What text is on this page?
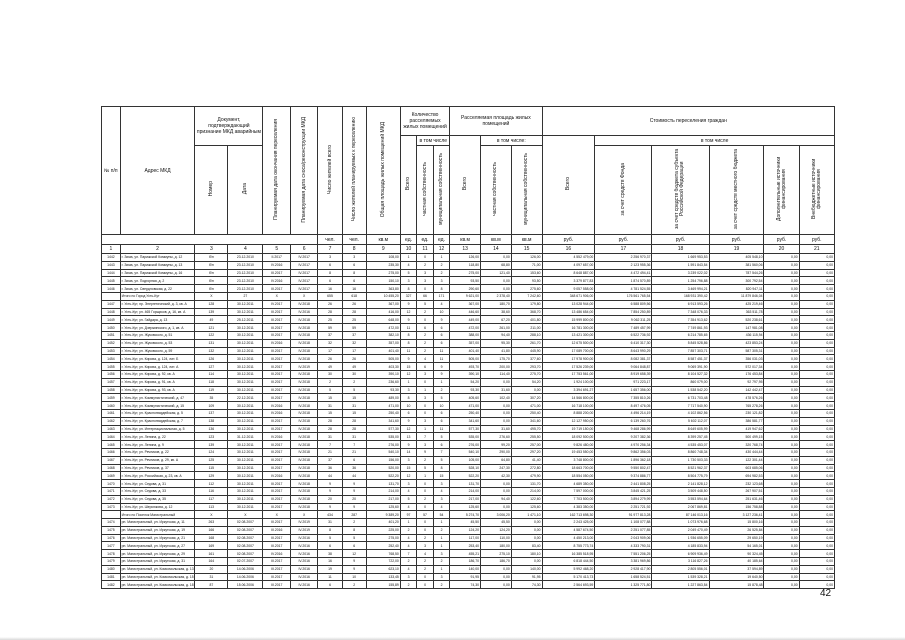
№ п/п	Адрес МКД	Документ, подтверждающий признание МКД аварийным		Планируемая дата окончания переселения	Планируемая дата сноса/реконструкции МКД	Число жителей всего	Число жителей планируемых к переселению	Общая площадь жилых помещений МКД	Количество расселяемых жилых помещений			Расселяемая площадь жилых помещений			Стоимость переселения граждан					
									Всего	в том числе		Всего	в том числе:		Всего	в том числе				
		Номер	Дата							частная собственность	муниципальная собственность		частная собственность	муниципальная собственность		за счет средств Фонда	за счет средств бюджета субъекта Российской Федерации	за счет средств местного бюджета	Дополнительные источники финансирования	Внебюджетные источники финансирования
						чел.	чел.	кв.м	ед.	ед.	ед.	кв.м	кв.м	кв.м	руб.	руб.	руб.	руб.	руб.	руб.
1	2	3	4	5	6	7	8	9	10	11	12	13	14	15	16	17	18	19	20	21
1442	г. Зима, ул. Парижской Коммуны, д. 12	б/н	23.12.2010	II.2017	IV.2017	3	3	108,00	1	0	1	126,00	0,00	126,00	4 552 479,00	2 256 970,37	1 669 953,53	405 548,10	0,00	0,00
1443	г. Зима, ул. Парижской Коммуны, д. 13	б/н	23.12.2010	IV.2016	IV.2017	6	6	235,30	4	2	2	118,80	68,80	71,00	4 097 657,00	2 123 955,36	1 591 843,54	381 560,06	0,00	0,00
1444	г. Зима, ул. Парижской Коммуны, д. 16	б/н	23.12.2010	III.2017	IV.2017	8	8	275,00	5	3	2	275,00	121,40	153,60	8 648 887,00	4 472 494,41	3 239 022,02	787 544,26	0,00	0,00
1445	г. Зима, ул. Подгорная, д. 2	б/н	23.12.2010	IV.2016	IV.2017	6	6	150,10	3	3	3	93,50	0,00	93,50	3 379 877,83	1 874 570,89	1 254 796,88	300 792,54	0,00	0,00
1446	г. Зима, ул. Свердловская, д. 22	б/н	23.12.2010	III.2017	IV.2017	16	16	363,80	8	0	8	290,60	0,00	275,60	9 057 558,00	4 781 524,55	3 469 994,21	820 947,11	0,00	0,00
	Итого по Город Усть-Кут	Х	27	Х	Х	655	618	10 455,20	327	66	171	9 621,00	2 378,40	7 242,60	348 671 906,00	176 561 765,54	168 931 390,42	11 879 846,04	0,00	0,00
1447	г. Усть-Кут, пр. Энергетический, д. 3, кв. А	128	30.12.2011	IV.2017	IV.2018	26	26	367,00	9	5	4	367,00	180,70	179,80	13 028 944,00	6 588 809,56	6 913 593,26	425 219,46	0,00	0,00
1448	г. Усть-Кут, ул. 465 Горщиков, д. 16, кв. А	139	30.12.2011	III.2017	IV.2016	28	28	416,00	12	2	10	446,60	38,60	368,70	13 486 654,00	7 854 250,89	7 348 076,33	363 511,78	0,00	0,00
1449	г. Усть-Кут, ул. Гайдара, д. 13	49	25.12.2011	III.2017	IV.2018	25	25	648,00	9	0	9	449,00	67,20	401,80	15 999 800,00	9 062 311,25	7 354 913,62	520 238,61	0,00	0,00
1450	г. Усть-Кут, ул. Дзержинского, д. 1, кв. А	121	30.12.2011	III.2017	IV.2018	59	59	472,00	11	6	6	472,00	261,00	211,00	16 781 300,00	7 489 457,99	7 749 861,93	147 981,08	0,00	0,00
1451	г. Усть-Кут, ул. Жуковского, д. 51	122	30.12.2011	III.2017	IV.2018	37	37	382,10	8	2	6	388,00	94,40	288,10	13 421 300,00	6 522 736,92	6 214 785,65	436 115,94	0,00	0,00
1452	г. Усть-Кут, ул. Жуковского, д. 53	131	30.12.2011	IV.2016	IV.2018	32	32	357,00	8	2	6	357,00	95,30	261,70	12 675 500,00	6 410 317,30	5 845 528,86	423 853,24	0,00	0,00
1453	г. Усть-Кут, ул. Жуковского, д. 59	132	30.12.2011	III.2017	IV.2018	17	17	401,40	11	2	11	401,40	41,80	445,90	17 089 700,00	8 643 990,29	7 857 303,71	587 305,31	0,00	0,00
1454	г. Усть-Кут, ул. Кирова, д. 124, лит. Б	126	30.12.2011	III.2017	IV.2018	26	26	505,00	9	4	11	505,00	175,70	377,60	17 978 900,00	8 082 381,37	8 587 451,37	356 031,03	0,00	0,00
1455	г. Усть-Кут, ул. Кирова, д. 124, лит. А	127	30.12.2011	III.2017	IV.2019	49	49	403,30	15	6	9	493,70	200,00	293,70	17 526 239,00	9 064 848,87	9 069 391,90	572 017,34	0,00	0,00
1456	г. Усть-Кут, ул. Кирова, д. 92, кв. А	114	30.12.2011	III.2017	IV.2018	30	30	390,10	12	3	9	390,10	114,40	275,70	17 753 561,00	8 919 658,39	8 104 527,32	176 453,84	0,00	0,00
1457	г. Усть-Кут, ул. Кирова, д. 91, кв. А	118	30.12.2011	III.2017	IV.2018	2	2	236,60	1	0	1	54,20	0,00	54,20	1 924 100,00	971 223,17	860 079,00	92 797,95	0,00	0,00
1458	г. Усть-Кут, ул. Кирова, д. 93, кв. А	119	30.12.2011	III.2017	IV.2018	5	5	93,30	3	1	2	93,30	31,60	0,00	3 394 691,27	1 657 356,00	1 538 542,20	142 442,47	0,00	0,00
1459	г. Усть-Кут, ул. Коммунистический, д. 47	35	22.12.2011	III.2017	IV.2018	15	15	489,00	8	3	5	405,60	102,40	307,20	14 566 800,00	7 355 810,26	6 731 703,48	478 576,26	0,00	0,00
1460	г. Усть-Кут, ул. Коммунистический, д. 15	109	30.12.2011	IV.2016	IV.2018	31	31	471,00	10	0	10	471,00	0,00	471,00	16 718 100,00	8 497 476,05	7 717 540,90	765 278,26	0,00	0,00
1461	г. Усть-Кут, ул. Красногвардейская, д. 5	137	30.12.2011	IV.2016	IV.2018	15	15	250,40	6	0	6	250,40	0,00	250,40	8 888 200,00	4 496 214,19	4 102 862,56	230 121,82	0,00	0,00
1462	г. Усть-Кут, ул. Красногвардейская, д. 7	138	30.12.2011	III.2017	IV.2018	28	28	341,60	9	3	6	341,60	0,00	341,60	12 127 950,00	6 139 260,76	5 602 112,07	386 581,77	0,00	0,00
1463	г. Усть-Кут, ул. Интернациональная, д. 5	136	30.12.2011	III.2017	IV.2018	28	28	577,30	12	1	11	577,30	31,60	495,70	19 719 150,00	9 468 286,99	8 649 605,99	419 947,62	0,00	0,00
1464	г. Усть-Кут, ул. Ленина, д. 22	123	31.12.2011	IV.2016	IV.2018	31	31	535,00	13	7	5	535,00	276,60	255,50	18 092 500,00	9 207 382,36	8 399 257,45	500 499,15	0,00	0,00
1465	г. Усть-Кут, ул. Ленина, д. 9	139	30.12.2011	III.2017	IV.2018	7	7	276,00	9	3	6	276,00	99,20	257,00	9 826 480,00	4 970 256,34	4 535 453,07	320 768,74	0,00	0,00
1466	г. Усть-Кут, ул. Речников, д. 22	124	30.12.2011	III.2017	IV.2018	21	21	540,10	14	9	7	540,10	290,00	297,20	19 453 550,00	9 862 356,03	8 860 748,34	430 444,44	0,00	0,00
1467	г. Усть-Кут, ул. Речников, д. 29, кв. А	125	30.12.2011	III.2017	IV.2018	37	6	156,00	3	2	5	105,00	64,80	41,40	3 748 800,00	1 896 362,18	1 730 503,33	122 301,44	0,00	0,00
1468	г. Усть-Кут, ул. Речников, д. 37	115	30.12.2011	III.2017	IV.2018	36	36	520,00	15	5	8	528,10	247,30	272,80	18 663 700,00	9 550 802,47	8 521 962,37	603 685,06	0,00	0,00
1469	г. Усть-Кут, ул. Российская, д. 23, кв. А	129	30.12.2011	IV.2016	IV.2018	44	44	522,20	12	1	15	522,20	42,30	479,90	18 554 050,00	9 374 886,77	8 504 775,79	694 982,53	0,00	0,00
1470	г. Усть-Кут, ул. Седова, д. 31	112	30.12.2011	III.2017	IV.2018	9	9	131,70	3	0	3	131,70	0,00	131,70	4 689 350,00	2 441 808,25	2 141 828,12	232 123,68	0,00	0,00
1471	г. Усть-Кут, ул. Седова, д. 33	116	30.12.2011	III.2017	IV.2018	9	9	214,00	4	0	4	214,00	0,00	214,00	7 597 000,00	3 845 421,25	3 509 448,50	267 907,51	0,00	0,00
1472	г. Усть-Кут, ул. Седова, д. 35	117	30.12.2011	III.2017	IV.2018	20	20	217,00	5	2	3	217,00	94,40	122,60	7 703 500,00	3 894 279,99	3 553 594,64	251 631,46	0,00	0,00
1473	г. Усть-Кут, ул. Шерсюкова, д. 12	113	30.12.2011	III.2017	IV.2018	9	9	125,60	4	0	4	125,60	0,00	125,60	4 383 350,00	2 251 721,92	2 067 869,81	156 758,88	0,00	0,00
	Итого по Поселок Магистральный	Х	Х	Х	Х	434	287	9 389,20	97	57	54	5 274,70	3 006,20	1 471,10	162 713 698,30	91 977 813,28	87 146 013,16	3 127 236,41	0,00	0,00
1474	рп. Магистральный, ул. Иркутская, д. 11	263	02.08.2007	III.2017	IV.2019	31	2	401,20	1	0	1	45,50	45,50	0,00	2 243 425,00	1 108 077,88	1 073 976,68	15 800,16	0,00	0,00
1475	рп. Магистральный, ул. Иркутская, д. 19	166	02.08.2007	III.2016	IV.2019	8	8	225,00	2	0	2	124,20	124,20	0,00	4 587 674,50	2 251 077,85	2 049 470,49	26 525,84	0,00	0,00
1476	рп. Магистральный, ул. Иркутская, д. 21	168	02.08.2007	III.2017	IV.2016	5	5	275,00	4	2	1	117,00	110,00	0,00	4 450 213,00	2 043 909,06	1 936 655,09	29 650,19	0,00	0,00
1477	рп. Магистральный, ул. Иркутская, д. 27	169	02.08.2007	III.2017	IV.2016	6	6	252,40	4	3	1	253,40	180,00	83,40	8 755 773,74	4 333 790,31	4 185 833,94	54 165,01	0,00	0,00
1478	рп. Магистральный, ул. Иркутская, д. 29	161	02.08.2007	IV.2016	IV.2016	38	12	768,50	7	4	3	455,21	275,10	180,10	16 385 518,95	7 551 206,25	6 909 936,49	90 324,45	0,00	0,00
1479	рп. Магистральный, ул. Иркутская, д. 31	164	02.07.2007	III.2017	IV.2016	16	9	722,00	2	2	2	186,70	186,70	0,00	6 818 444,50	3 381 969,86	3 116 827,26	40 185,64	0,00	0,00
1480	рп. Магистральный, ул. Комсомольская, д. 13	20	14.06.2006	III.2017	IV.2016	19	9	623,10	4	2	1	140,00	0,00	140,00	5 992 468,20	2 928 417,90	2 805 556,01	37 594,89	0,00	0,00
1481	рп. Магистральный, ул. Комсомольская, д. 15	31	14.06.2006	III.2017	IV.2016	11	10	133,45	3	0	3	91,95	0,00	91,95	5 170 413,73	1 658 524,51	1 539 328,21	19 640,50	0,00	0,00
1482	рп. Магистральный, ул. Комсомольская, д. 18	87	15.06.2006	III.2017	IV.2016	6	2	155,89	2	0	2	74,30	0,00	74,30	2 564 693,59	1 325 771,80	1 227 863,54	15 878,48	0,00	0,00
42
